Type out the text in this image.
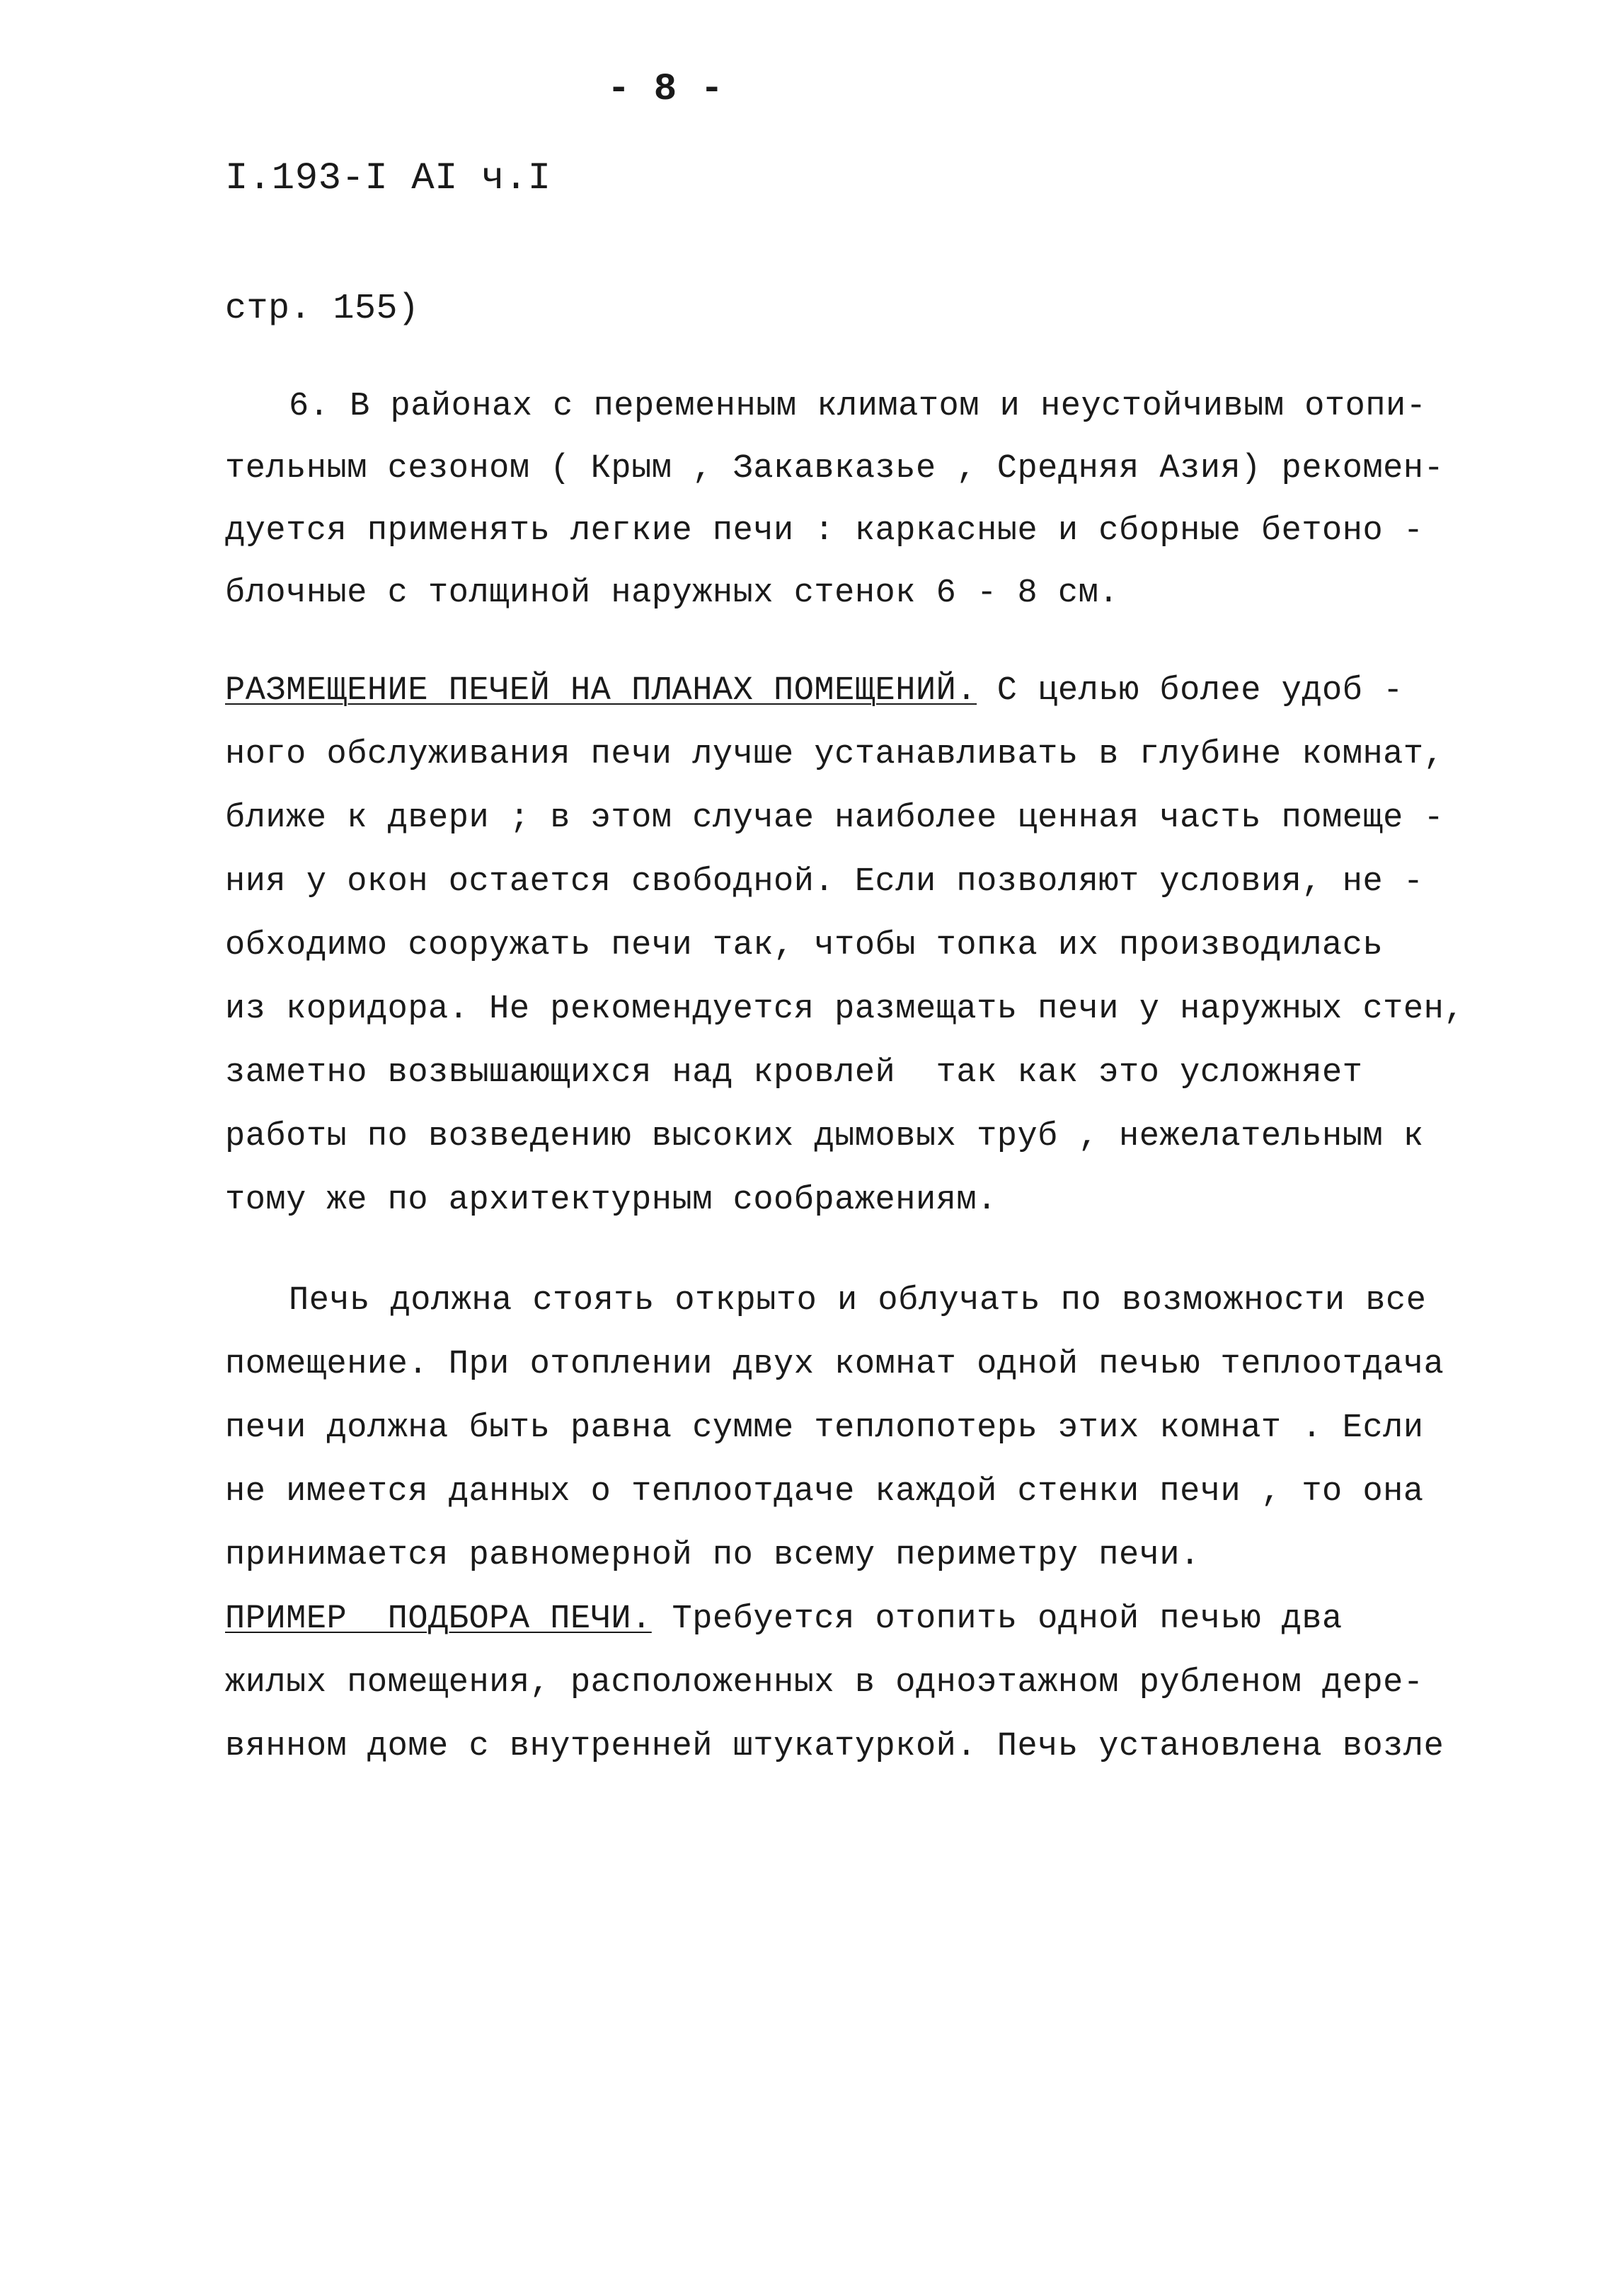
- 8 -
I.193-I AI ч.I
стр. 155)
6. В районах с переменным климатом и неустойчивым отопи-
тельным сезоном ( Крым , Закавказье , Средняя Азия) рекомен-
дуется применять легкие печи : каркасные и сборные бетоно -
блочные с толщиной наружных стенок 6 - 8 см.
РАЗМЕЩЕНИЕ ПЕЧЕЙ НА ПЛАНАХ ПОМЕЩЕНИЙ. С целью более удоб -
ного обслуживания печи лучше устанавливать в глубине комнат,
ближе к двери ; в этом случае наиболее ценная часть помеще -
ния у окон остается свободной. Если позволяют условия, не -
обходимо сооружать печи так, чтобы топка их производилась
из коридора. Не рекомендуется размещать печи у наружных стен,
заметно возвышающихся над кровлей  так как это усложняет
работы по возведению высоких дымовых труб , нежелательным к
тому же по архитектурным соображениям.
Печь должна стоять открыто и облучать по возможности все
помещение. При отоплении двух комнат одной печью теплоотдача
печи должна быть равна сумме теплопотерь этих комнат . Если
не имеется данных о теплоотдаче каждой стенки печи , то она
принимается равномерной по всему периметру печи.
ПРИМЕР  ПОДБОРА ПЕЧИ. Требуется отопить одной печью два
жилых помещения, расположенных в одноэтажном рубленом дере-
вянном доме с внутренней штукатуркой. Печь установлена возле
